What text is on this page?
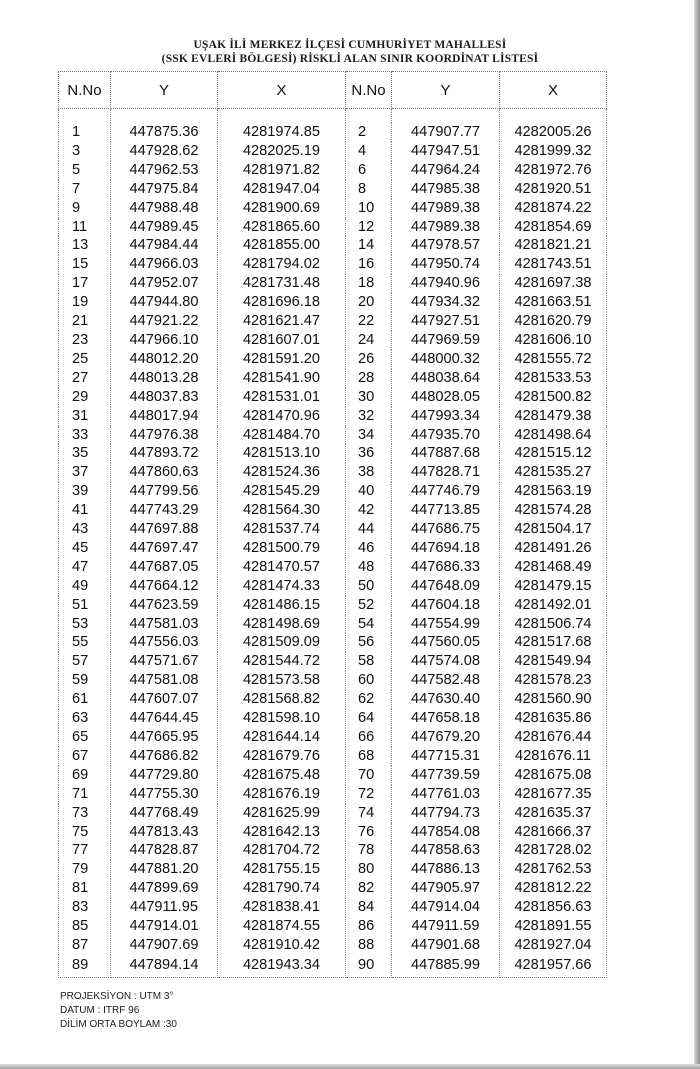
UŞAK İLİ MERKEZ İLÇESİ CUMHURİYET MAHALLESİ
(SSK EVLERİ BÖLGESİ) RİSKLİ ALAN SINIR KOORDİNAT LİSTESİ
N.No	Y	X	N.No	Y	X

1	447875.36	4281974.85	2	447907.77	4282005.26
3	447928.62	4282025.19	4	447947.51	4281999.32
5	447962.53	4281971.82	6	447964.24	4281972.76
7	447975.84	4281947.04	8	447985.38	4281920.51
9	447988.48	4281900.69	10	447989.38	4281874.22
11	447989.45	4281865.60	12	447989.38	4281854.69
13	447984.44	4281855.00	14	447978.57	4281821.21
15	447966.03	4281794.02	16	447950.74	4281743.51
17	447952.07	4281731.48	18	447940.96	4281697.38
19	447944.80	4281696.18	20	447934.32	4281663.51
21	447921.22	4281621.47	22	447927.51	4281620.79
23	447966.10	4281607.01	24	447969.59	4281606.10
25	448012.20	4281591.20	26	448000.32	4281555.72
27	448013.28	4281541.90	28	448038.64	4281533.53
29	448037.83	4281531.01	30	448028.05	4281500.82
31	448017.94	4281470.96	32	447993.34	4281479.38
33	447976.38	4281484.70	34	447935.70	4281498.64
35	447893.72	4281513.10	36	447887.68	4281515.12
37	447860.63	4281524.36	38	447828.71	4281535.27
39	447799.56	4281545.29	40	447746.79	4281563.19
41	447743.29	4281564.30	42	447713.85	4281574.28
43	447697.88	4281537.74	44	447686.75	4281504.17
45	447697.47	4281500.79	46	447694.18	4281491.26
47	447687.05	4281470.57	48	447686.33	4281468.49
49	447664.12	4281474.33	50	447648.09	4281479.15
51	447623.59	4281486.15	52	447604.18	4281492.01
53	447581.03	4281498.69	54	447554.99	4281506.74
55	447556.03	4281509.09	56	447560.05	4281517.68
57	447571.67	4281544.72	58	447574.08	4281549.94
59	447581.08	4281573.58	60	447582.48	4281578.23
61	447607.07	4281568.82	62	447630.40	4281560.90
63	447644.45	4281598.10	64	447658.18	4281635.86
65	447665.95	4281644.14	66	447679.20	4281676.44
67	447686.82	4281679.76	68	447715.31	4281676.11
69	447729.80	4281675.48	70	447739.59	4281675.08
71	447755.30	4281676.19	72	447761.03	4281677.35
73	447768.49	4281625.99	74	447794.73	4281635.37
75	447813.43	4281642.13	76	447854.08	4281666.37
77	447828.87	4281704.72	78	447858.63	4281728.02
79	447881.20	4281755.15	80	447886.13	4281762.53
81	447899.69	4281790.74	82	447905.97	4281812.22
83	447911.95	4281838.41	84	447914.04	4281856.63
85	447914.01	4281874.55	86	447911.59	4281891.55
87	447907.69	4281910.42	88	447901.68	4281927.04
89	447894.14	4281943.34	90	447885.99	4281957.66
PROJEKSİYON : UTM 3°
DATUM : ITRF 96
DİLİM ORTA BOYLAM :30
